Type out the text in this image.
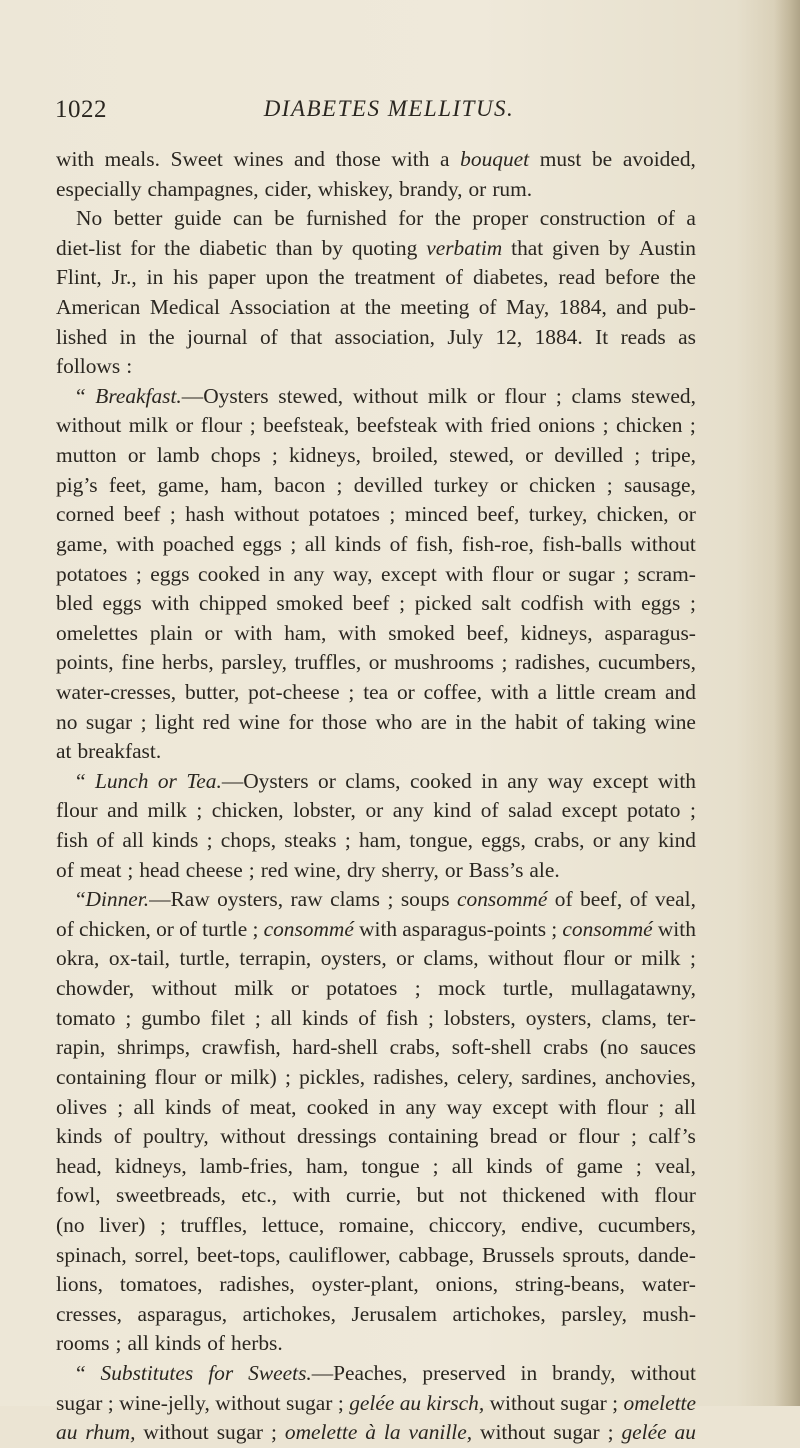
1022	DIABETES MELLITUS.
with meals. Sweet wines and those with a bouquet must be avoided,
especially champagnes, cider, whiskey, brandy, or rum.
No better guide can be furnished for the proper construction of a
diet-list for the diabetic than by quoting verbatim that given by Austin
Flint, Jr., in his paper upon the treatment of diabetes, read before the
American Medical Association at the meeting of May, 1884, and pub-
lished in the journal of that association, July 12, 1884. It reads as
follows :
“ Breakfast.—Oysters stewed, without milk or flour ; clams stewed,
without milk or flour ; beefsteak, beefsteak with fried onions ; chicken ;
mutton or lamb chops ; kidneys, broiled, stewed, or devilled ; tripe,
pig’s feet, game, ham, bacon ; devilled turkey or chicken ; sausage,
corned beef ; hash without potatoes ; minced beef, turkey, chicken, or
game, with poached eggs ; all kinds of fish, fish-roe, fish-balls without
potatoes ; eggs cooked in any way, except with flour or sugar ; scram-
bled eggs with chipped smoked beef ; picked salt codfish with eggs ;
omelettes plain or with ham, with smoked beef, kidneys, asparagus-
points, fine herbs, parsley, truffles, or mushrooms ; radishes, cucumbers,
water-cresses, butter, pot-cheese ; tea or coffee, with a little cream and
no sugar ; light red wine for those who are in the habit of taking wine
at breakfast.
“ Lunch or Tea.—Oysters or clams, cooked in any way except with
flour and milk ; chicken, lobster, or any kind of salad except potato ;
fish of all kinds ; chops, steaks ; ham, tongue, eggs, crabs, or any kind
of meat ; head cheese ; red wine, dry sherry, or Bass’s ale.
“Dinner.—Raw oysters, raw clams ; soups consommé of beef, of veal,
of chicken, or of turtle ; consommé with asparagus-points ; consommé with
okra, ox-tail, turtle, terrapin, oysters, or clams, without flour or milk ;
chowder, without milk or potatoes ; mock turtle, mullagatawny,
tomato ; gumbo filet ; all kinds of fish ; lobsters, oysters, clams, ter-
rapin, shrimps, crawfish, hard-shell crabs, soft-shell crabs (no sauces
containing flour or milk) ; pickles, radishes, celery, sardines, anchovies,
olives ; all kinds of meat, cooked in any way except with flour ; all
kinds of poultry, without dressings containing bread or flour ; calf’s
head, kidneys, lamb-fries, ham, tongue ; all kinds of game ; veal,
fowl, sweetbreads, etc., with currie, but not thickened with flour
(no liver) ; truffles, lettuce, romaine, chiccory, endive, cucumbers,
spinach, sorrel, beet-tops, cauliflower, cabbage, Brussels sprouts, dande-
lions, tomatoes, radishes, oyster-plant, onions, string-beans, water-
cresses, asparagus, artichokes, Jerusalem artichokes, parsley, mush-
rooms ; all kinds of herbs.
“ Substitutes for Sweets.—Peaches, preserved in brandy, without
sugar ; wine-jelly, without sugar ; gelée au kirsch, without sugar ; omelette
au rhum, without sugar ; omelette à la vanille, without sugar ; gelée au
